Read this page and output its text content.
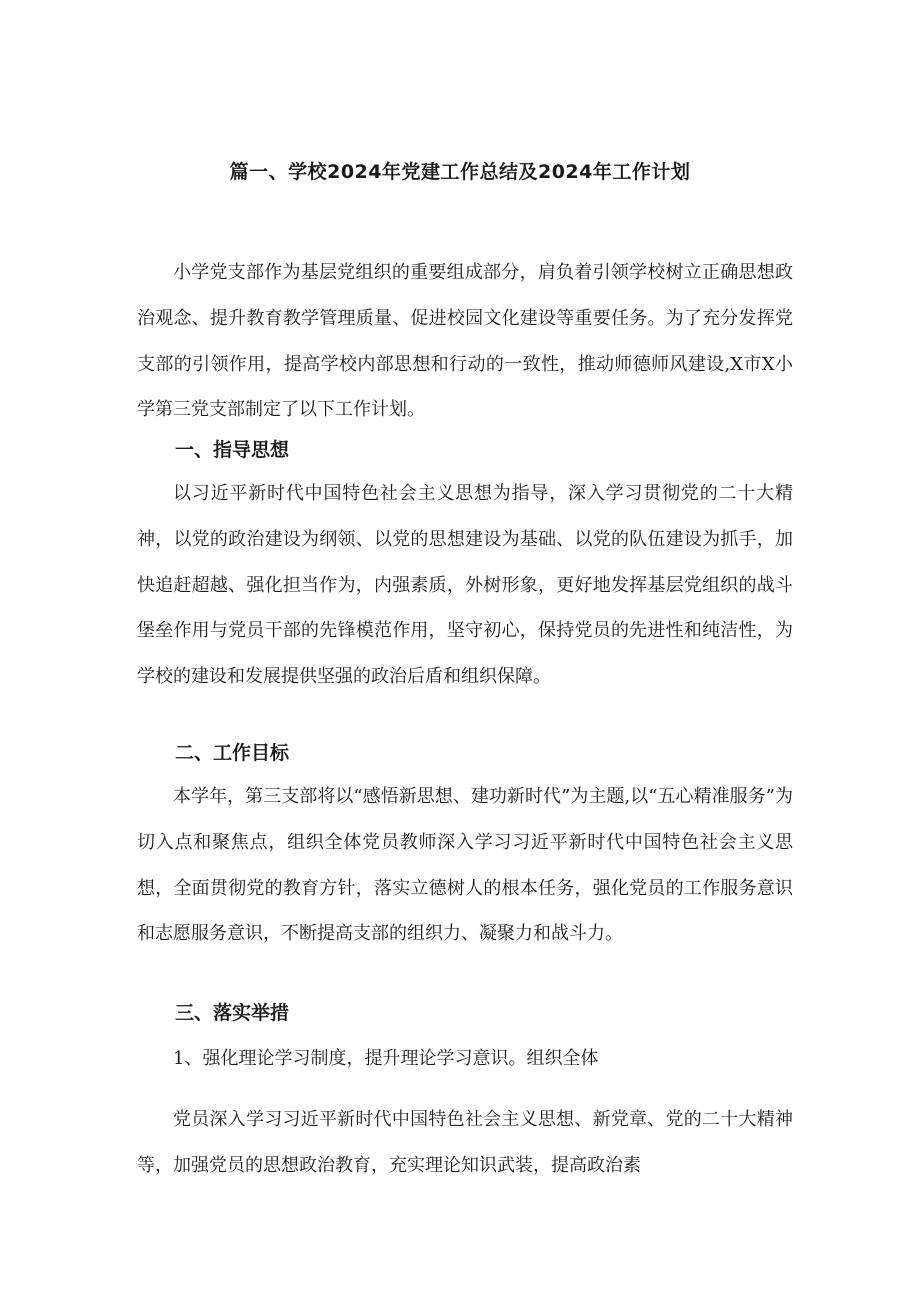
篇一、学校2024年党建工作总结及2024年工作计划

小学党支部作为基层党组织的重要组成部分，肩负着引领学校树立正确思想政治观念、提升教育教学管理质量、促进校园文化建设等重要任务。为了充分发挥党支部的引领作用，提高学校内部思想和行动的一致性，推动师德师风建设,X市X小学第三党支部制定了以下工作计划。

一、指导思想

以习近平新时代中国特色社会主义思想为指导，深入学习贯彻党的二十大精神，以党的政治建设为纲领、以党的思想建设为基础、以党的队伍建设为抓手，加快追赶超越、强化担当作为，内强素质，外树形象，更好地发挥基层党组织的战斗堡垒作用与党员干部的先锋模范作用，坚守初心，保持党员的先进性和纯洁性，为学校的建设和发展提供坚强的政治后盾和组织保障。

二、工作目标

本学年，第三支部将以“感悟新思想、建功新时代”为主题,以“五心精准服务”为切入点和聚焦点，组织全体党员教师深入学习习近平新时代中国特色社会主义思想，全面贯彻党的教育方针，落实立德树人的根本任务，强化党员的工作服务意识和志愿服务意识，不断提高支部的组织力、凝聚力和战斗力。

三、落实举措

1、强化理论学习制度，提升理论学习意识。组织全体

党员深入学习习近平新时代中国特色社会主义思想、新党章、党的二十大精神等，加强党员的思想政治教育，充实理论知识武装，提高政治素
